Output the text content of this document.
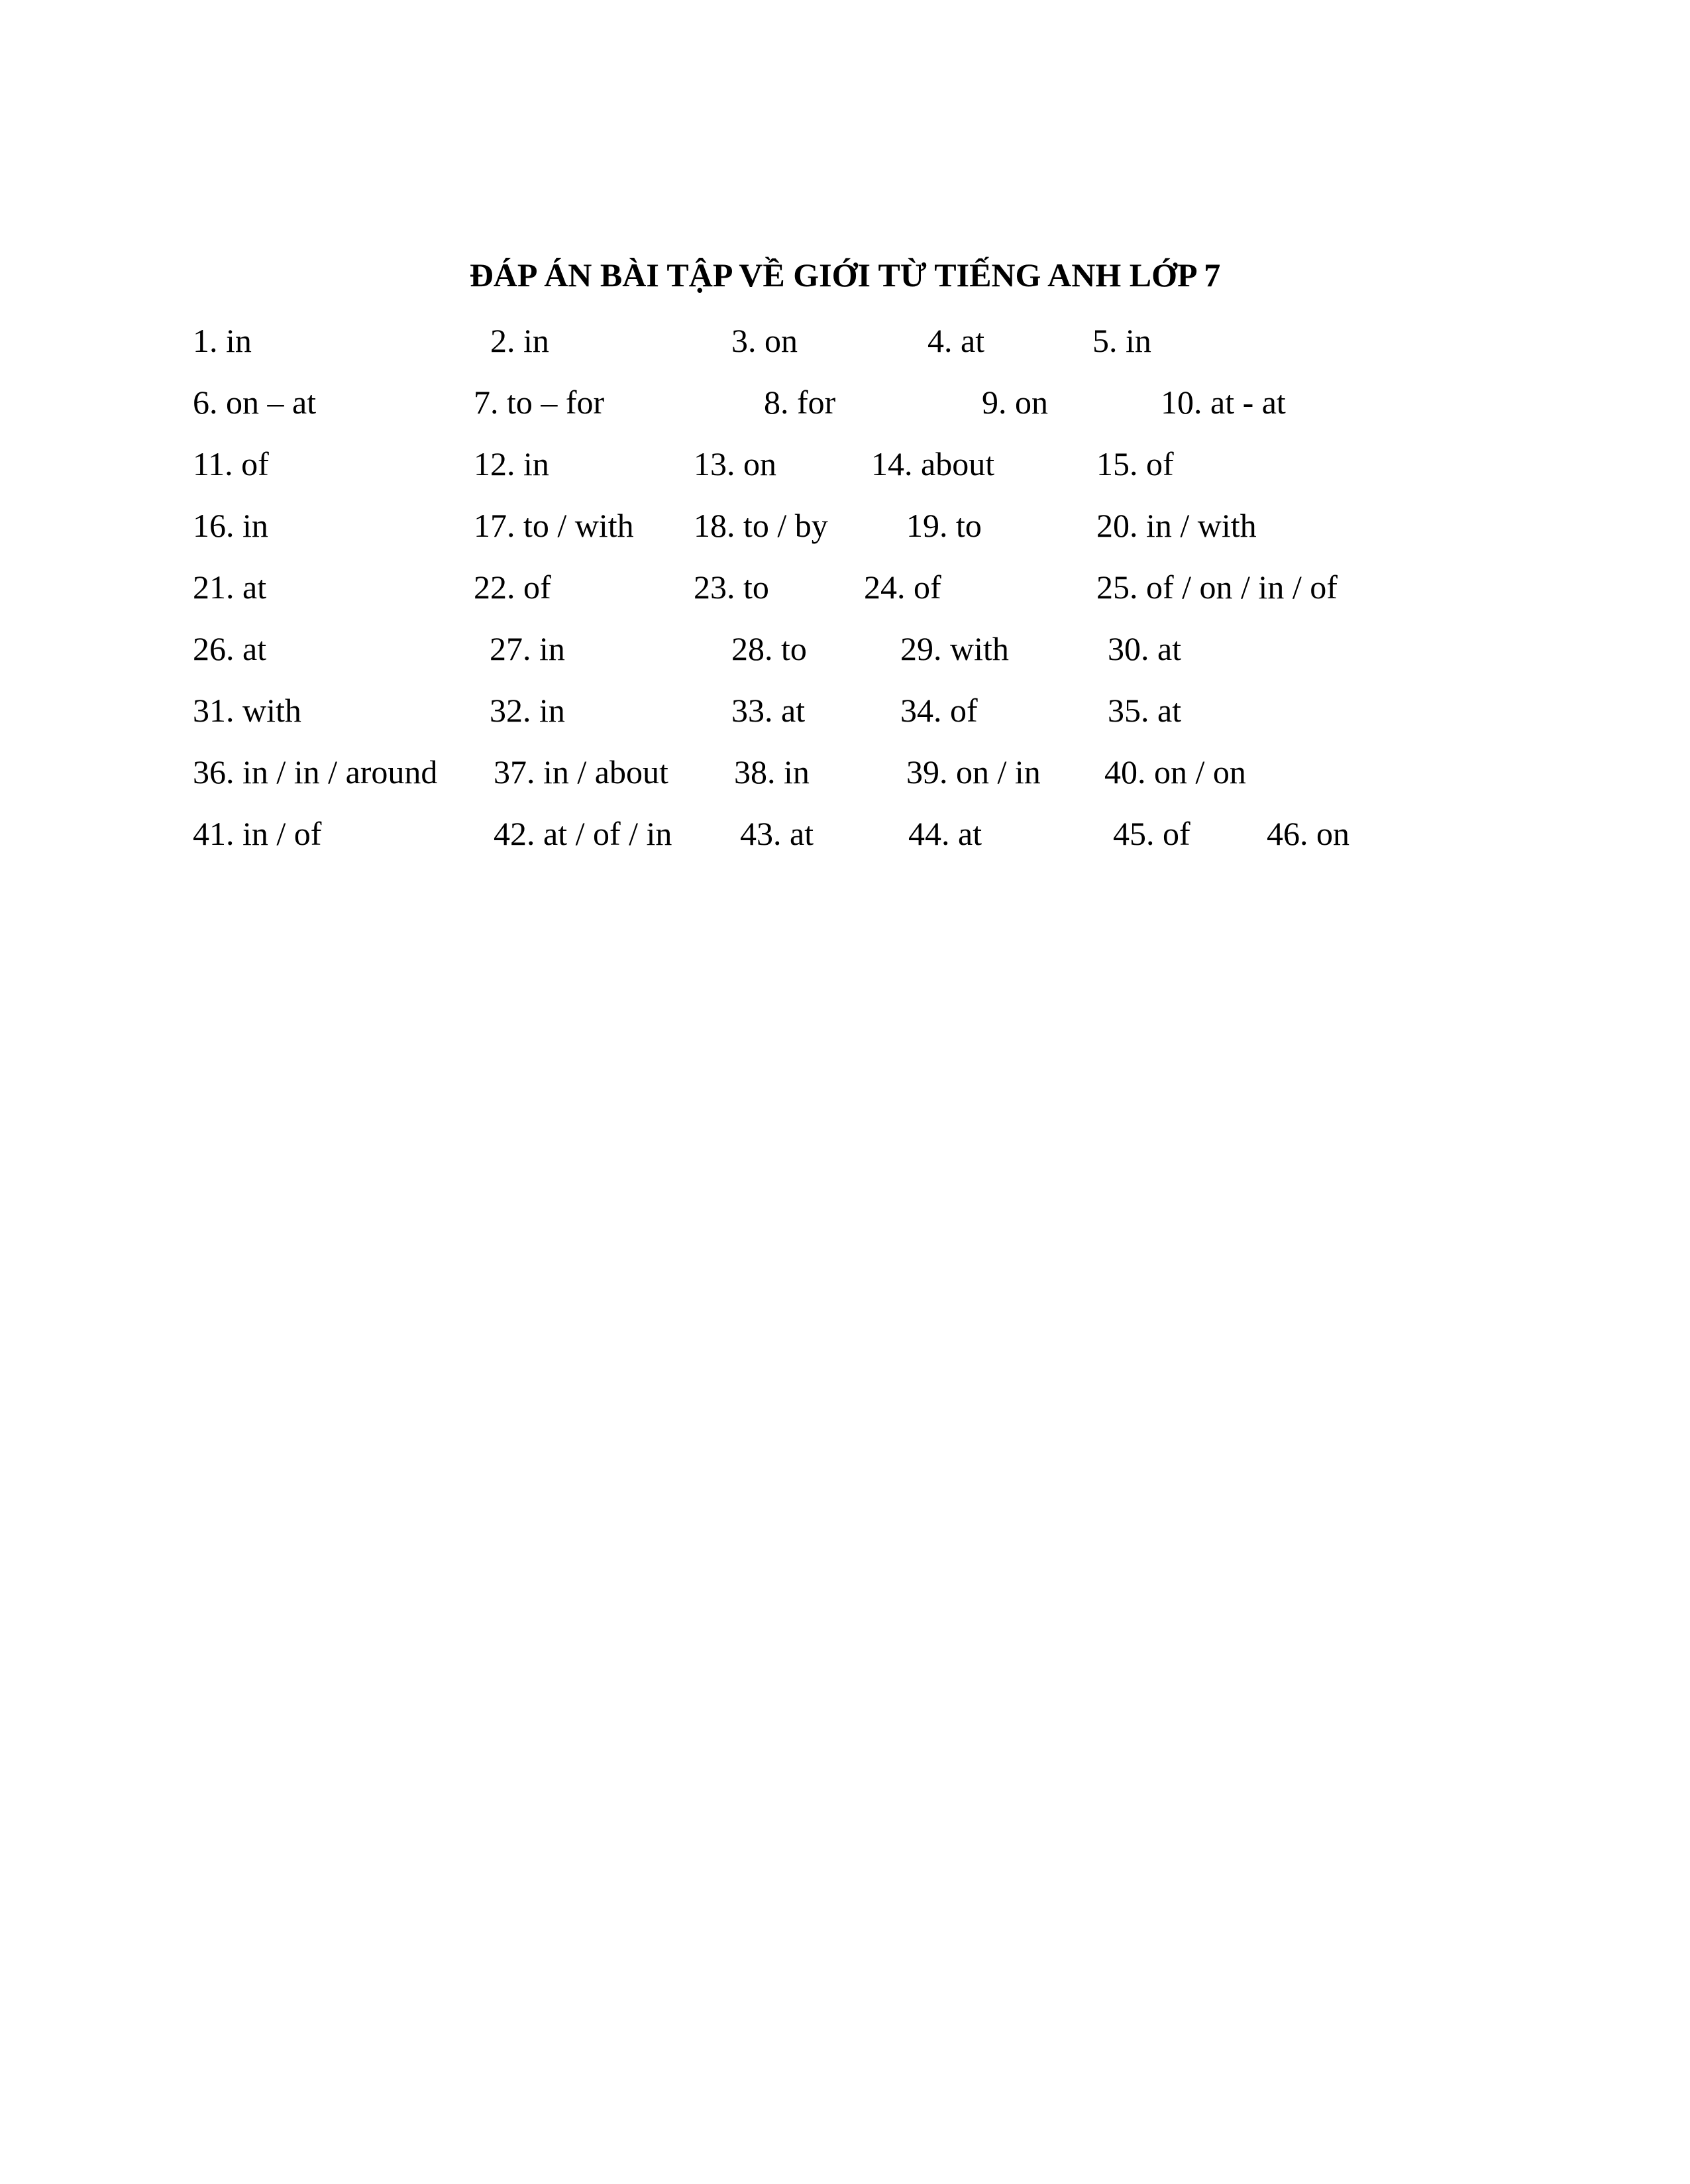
ĐÁP ÁN BÀI TẬP VỀ GIỚI TỪ TIẾNG ANH LỚP 7
1. in	2. in	3. on	4. at	5. in
6. on – at	7. to – for	8. for	9. on	10. at - at
11. of	12. in	13. on	14. about	15. of
16. in	17. to / with 18. to / by 19. to	20. in / with
21. at	22. of	23. to	24. of	25. of / on / in / of
26. at	27. in	28. to	29. with	30. at
31. with	32. in	33. at	34. of	35. at
36. in / in / around 37. in / about 38. in	39. on / in 40. on / on
41. in / of	42. at / of / in 43. at	44. at	45. of 46. on
